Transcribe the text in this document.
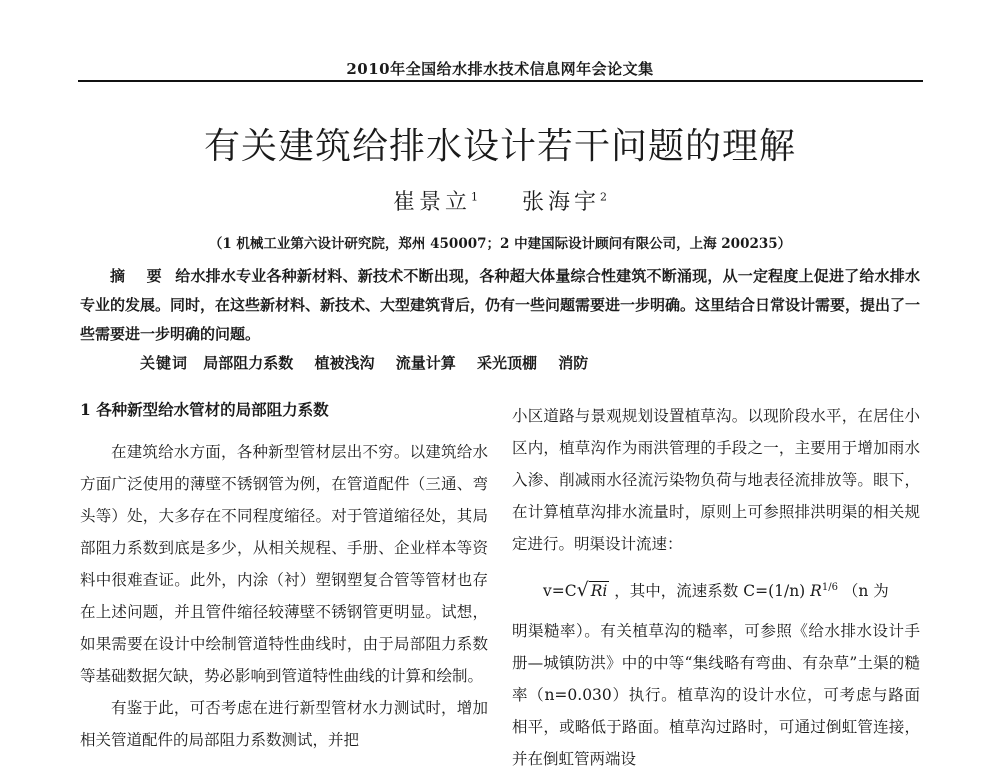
2010年全国给水排水技术信息网年会论文集
有关建筑给排水设计若干问题的理解
崔景立$^1$ 张海宇$^2$
（1 机械工业第六设计研究院，郑州 450007；2 中建国际设计顾问有限公司，上海 200235）

摘 要 给水排水专业各种新材料、新技术不断出现，各种超大体量综合性建筑不断涌现，从一定程度上促进了给水排水专业的发展。同时，在这些新材料、新技术、大型建筑背后，仍有一些问题需要进一步明确。这里结合日常设计需要，提出了一些需要进一步明确的问题。

关键词 局部阻力系数 植被浅沟 流量计算 采光顶棚 消防

1 各种新型给水管材的局部阻力系数

在建筑给水方面，各种新型管材层出不穷。以建筑给水方面广泛使用的薄壁不锈钢管为例，在管道配件（三通、弯头等）处，大多存在不同程度缩径。对于管道缩径处，其局部阻力系数到底是多少，从相关规程、手册、企业样本等资料中很难查证。此外，内涂（衬）塑钢塑复合管等管材也存在上述问题，并且管件缩径较薄壁不锈钢管更明显。试想，如果需要在设计中绘制管道特性曲线时，由于局部阻力系数等基础数据欠缺，势必影响到管道特性曲线的计算和绘制。

有鉴于此，可否考虑在进行新型管材水力测试时，增加相关管道配件的局部阻力系数测试，并把

小区道路与景观规划设置植草沟。以现阶段水平，在居住小区内，植草沟作为雨洪管理的手段之一，主要用于增加雨水入渗、削减雨水径流污染物负荷与地表径流排放等。眼下，在计算植草沟排水流量时，原则上可参照排洪明渠的相关规定进行。明渠设计流速：

v=C√ Ri ，其中，流速系数 C=(1/n) $R^{1/6}$ （n 为

明渠糙率）。有关植草沟的糙率，可参照《给水排水设计手册—城镇防洪》中的中等“集线略有弯曲、有杂草”土渠的糙率（n=0.030）执行。植草沟的设计水位，可考虑与路面相平，或略低于路面。植草沟过路时，可通过倒虹管连接，并在倒虹管两端设
